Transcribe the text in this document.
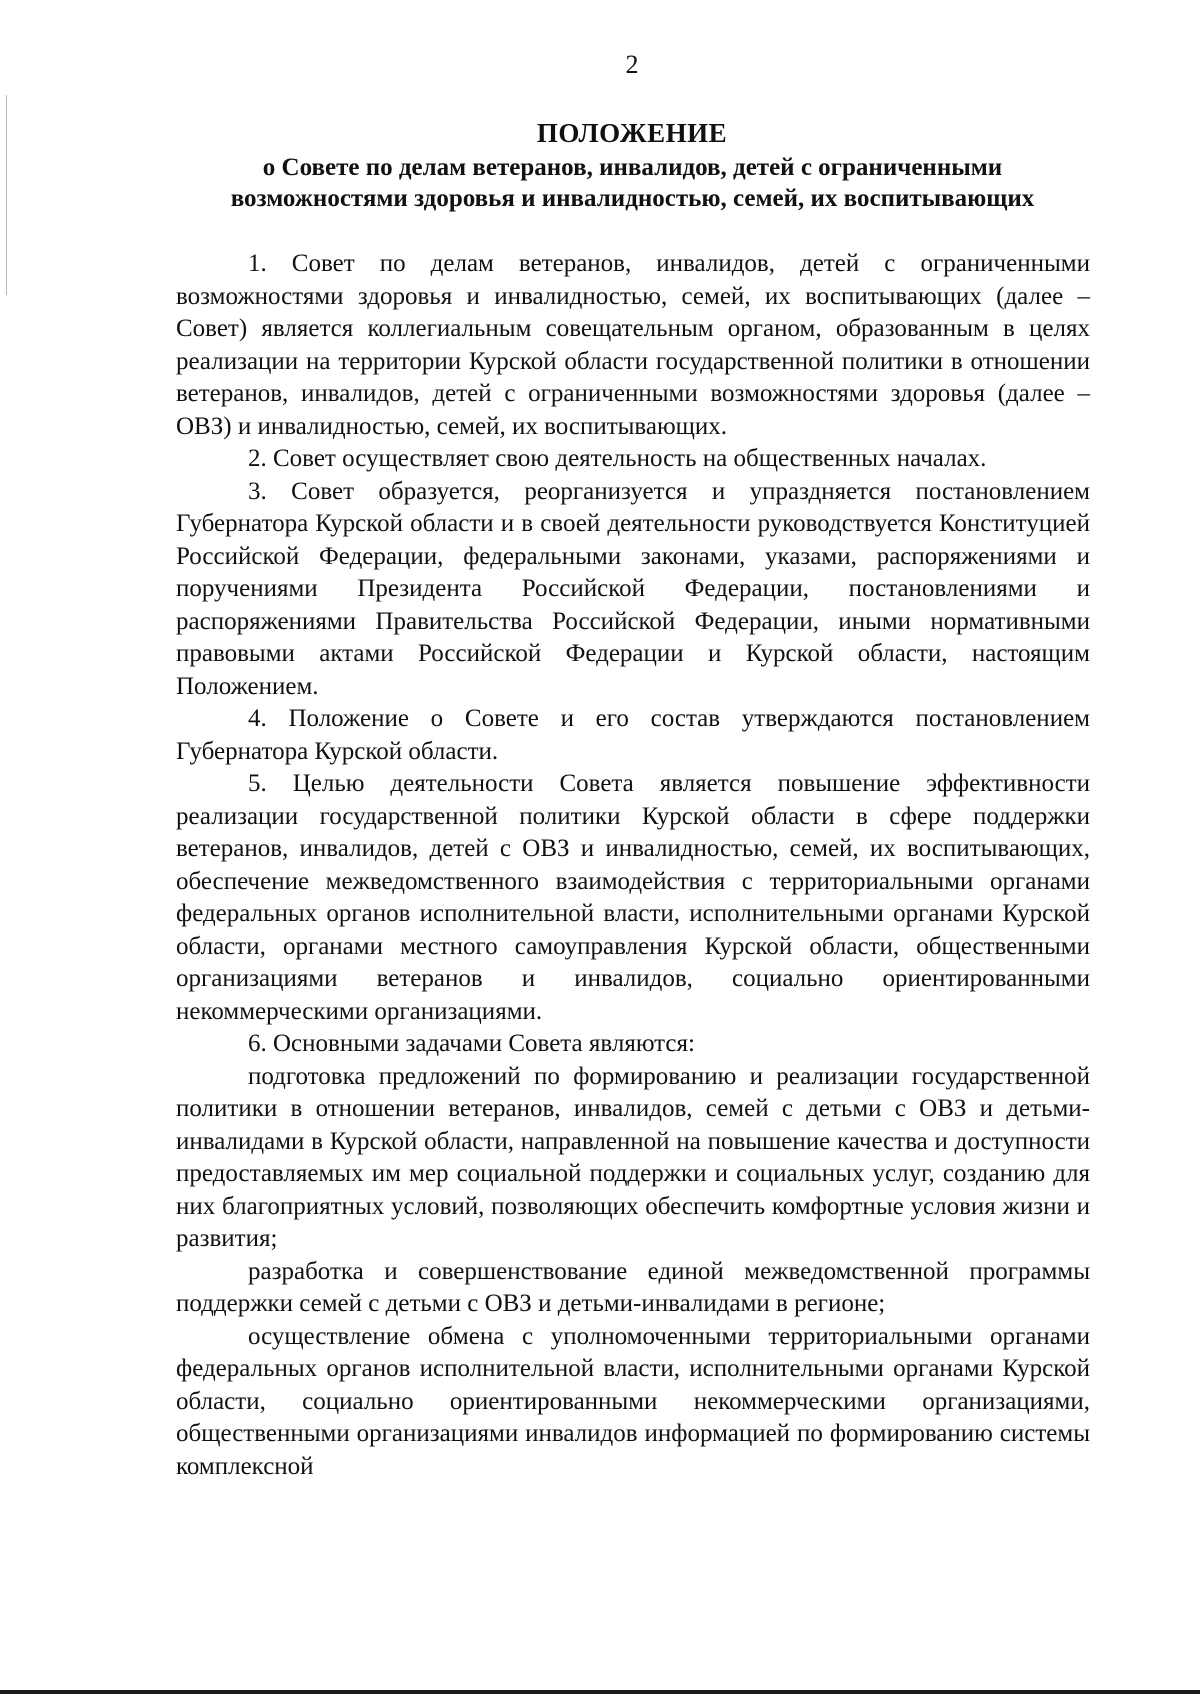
2
ПОЛОЖЕНИЕ
о Совете по делам ветеранов, инвалидов, детей с ограниченными
возможностями здоровья и инвалидностью, семей, их воспитывающих

1. Совет по делам ветеранов, инвалидов, детей с ограниченными возможностями здоровья и инвалидностью, семей, их воспитывающих (далее – Совет) является коллегиальным совещательным органом, образованным в целях реализации на территории Курской области государственной политики в отношении ветеранов, инвалидов, детей с ограниченными возможностями здоровья (далее – ОВЗ) и инвалидностью, семей, их воспитывающих.

2. Совет осуществляет свою деятельность на общественных началах.

3. Совет образуется, реорганизуется и упраздняется постановлением Губернатора Курской области и в своей деятельности руководствуется Конституцией Российской Федерации, федеральными законами, указами, распоряжениями и поручениями Президента Российской Федерации, постановлениями и распоряжениями Правительства Российской Федерации, иными нормативными правовыми актами Российской Федерации и Курской области, настоящим Положением.

4. Положение о Совете и его состав утверждаются постановлением Губернатора Курской области.

5. Целью деятельности Совета является повышение эффективности реализации государственной политики Курской области в сфере поддержки ветеранов, инвалидов, детей с ОВЗ и инвалидностью, семей, их воспитывающих, обеспечение межведомственного взаимодействия с территориальными органами федеральных органов исполнительной власти, исполнительными органами Курской области, органами местного самоуправления Курской области, общественными организациями ветеранов и инвалидов, социально ориентированными некоммерческими организациями.

6. Основными задачами Совета являются:

подготовка предложений по формированию и реализации государственной политики в отношении ветеранов, инвалидов, семей с детьми с ОВЗ и детьми-инвалидами в Курской области, направленной на повышение качества и доступности предоставляемых им мер социальной поддержки и социальных услуг, созданию для них благоприятных условий, позволяющих обеспечить комфортные условия жизни и развития;

разработка и совершенствование единой межведомственной программы поддержки семей с детьми с ОВЗ и детьми-инвалидами в регионе;

осуществление обмена с уполномоченными территориальными органами федеральных органов исполнительной власти, исполнительными органами Курской области, социально ориентированными некоммерческими организациями, общественными организациями инвалидов информацией по формированию системы комплексной
